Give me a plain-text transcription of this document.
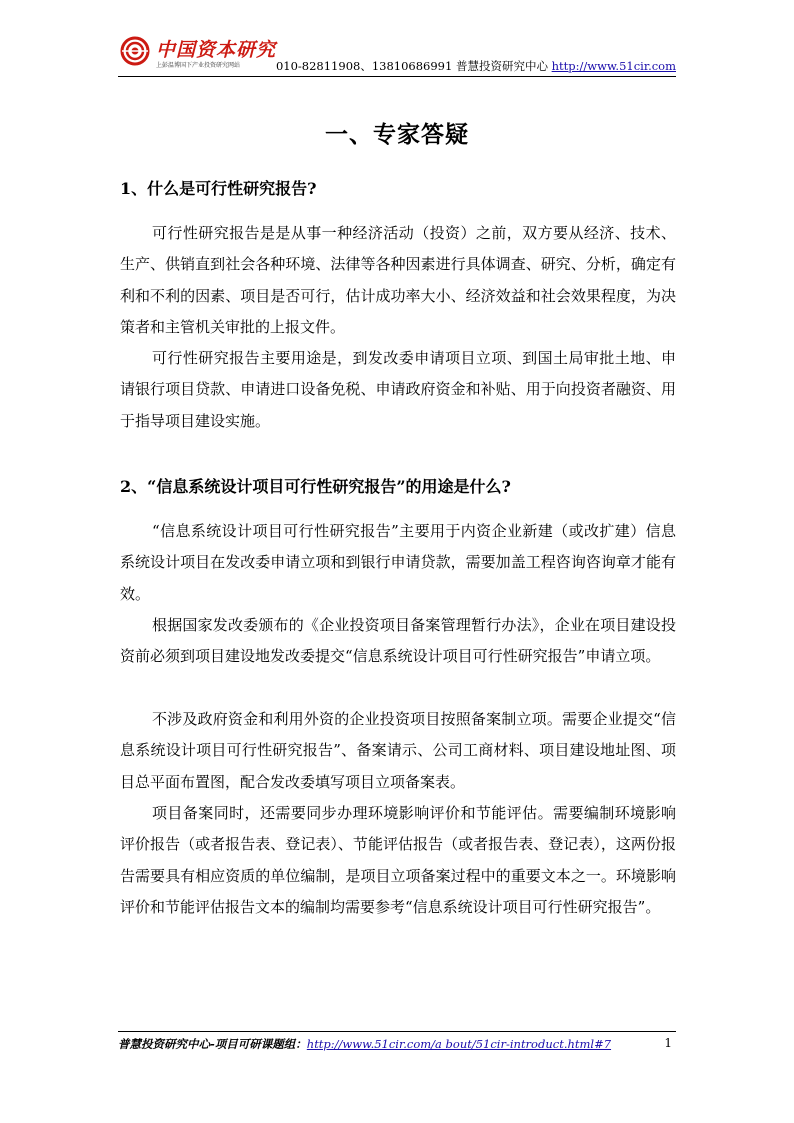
中国资本研究
上彭温博国下产业投资研究网站	010-82811908、13810686991 普慧投资研究中心 http://www.51cir.com
一、专家答疑
1、什么是可行性研究报告?

可行性研究报告是是从事一种经济活动（投资）之前，双方要从经济、技术、生产、供销直到社会各种环境、法律等各种因素进行具体调查、研究、分析，确定有利和不利的因素、项目是否可行，估计成功率大小、经济效益和社会效果程度，为决策者和主管机关审批的上报文件。

可行性研究报告主要用途是，到发改委申请项目立项、到国土局审批土地、申请银行项目贷款、申请进口设备免税、申请政府资金和补贴、用于向投资者融资、用于指导项目建设实施。

2、“信息系统设计项目可行性研究报告”的用途是什么?

“信息系统设计项目可行性研究报告”主要用于内资企业新建（或改扩建）信息系统设计项目在发改委申请立项和到银行申请贷款，需要加盖工程咨询咨询章才能有效。

根据国家发改委颁布的《企业投资项目备案管理暂行办法》，企业在项目建设投资前必须到项目建设地发改委提交“信息系统设计项目可行性研究报告”申请立项。

不涉及政府资金和利用外资的企业投资项目按照备案制立项。需要企业提交“信息系统设计项目可行性研究报告”、备案请示、公司工商材料、项目建设地址图、项目总平面布置图，配合发改委填写项目立项备案表。

项目备案同时，还需要同步办理环境影响评价和节能评估。需要编制环境影响评价报告（或者报告表、登记表）、节能评估报告（或者报告表、登记表），这两份报告需要具有相应资质的单位编制，是项目立项备案过程中的重要文本之一。环境影响评价和节能评估报告文本的编制均需要参考“信息系统设计项目可行性研究报告”。

普慧投资研究中心-项目可研课题组：http://www.51cir.com/a bout/51cir-introduct.html#7	1
